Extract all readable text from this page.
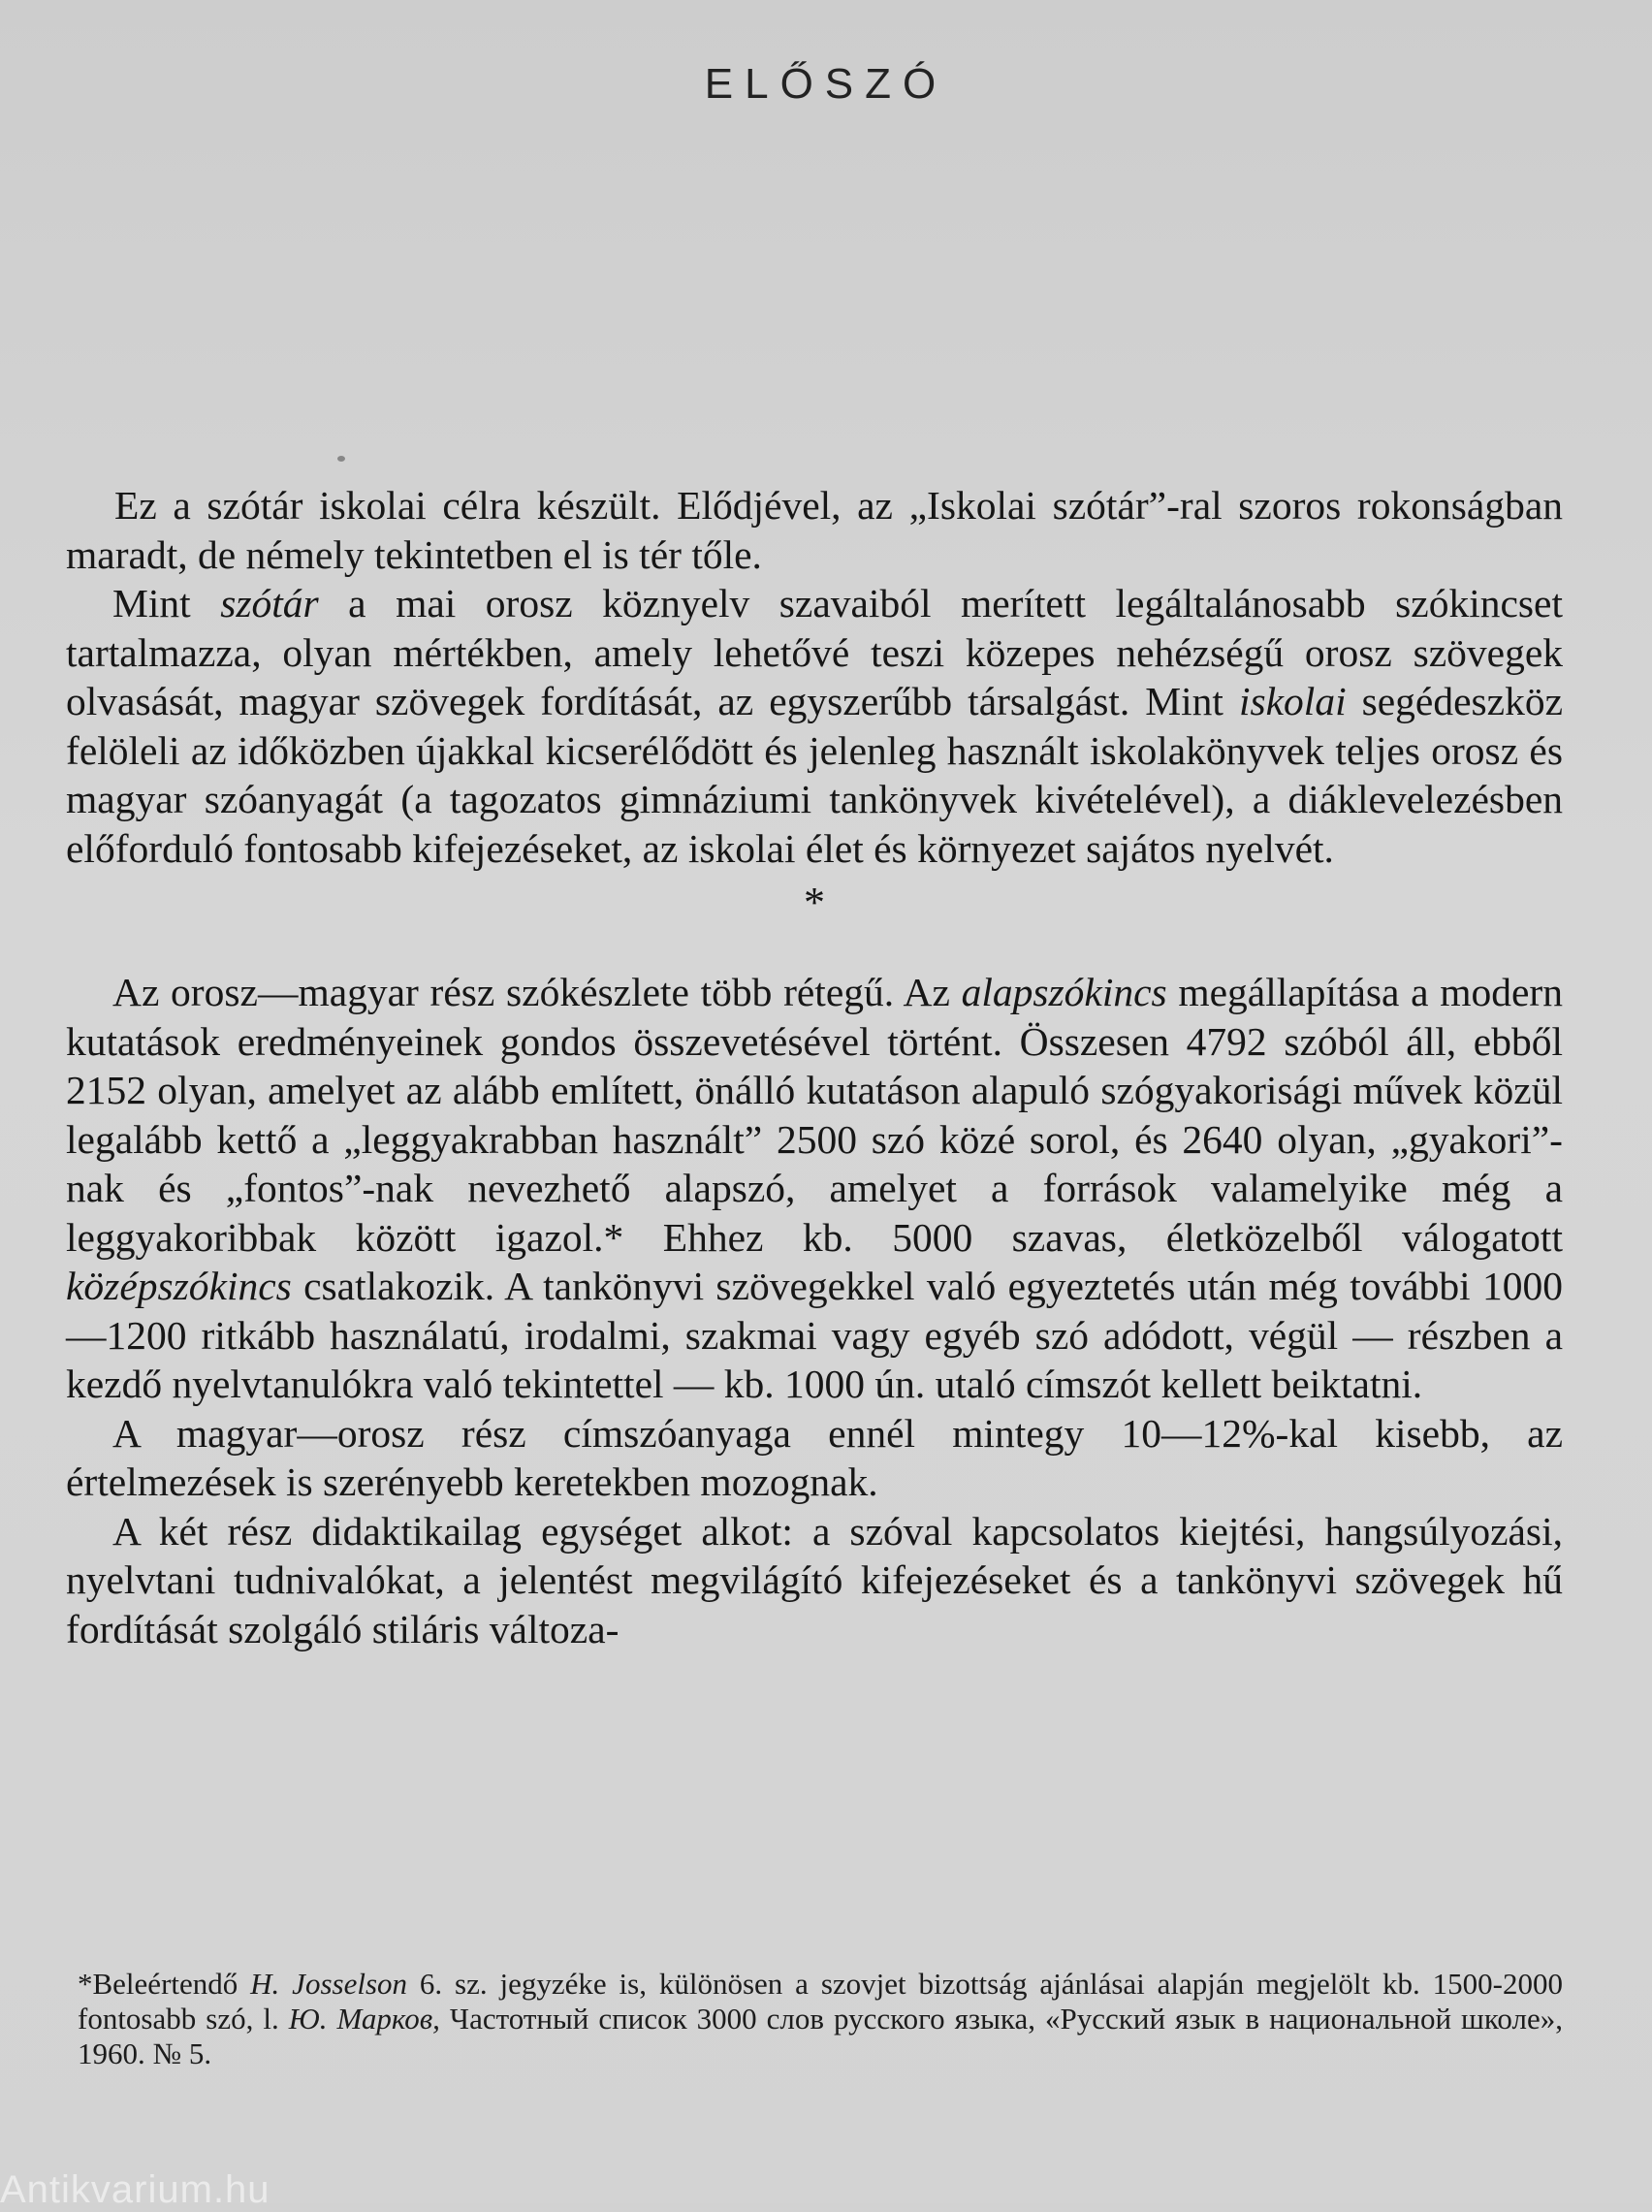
ELŐSZÓ

Ez a szótár iskolai célra készült. Elődjével, az „Iskolai szótár”-ral szoros rokonságban maradt, de némely tekintetben el is tér tőle.

Mint szótár a mai orosz köznyelv szavaiból merített legáltalánosabb szókincset tartalmazza, olyan mértékben, amely lehetővé teszi közepes nehézségű orosz szövegek olvasását, magyar szövegek fordítását, az egyszerűbb társalgást. Mint iskolai segédeszköz felöleli az időközben újakkal kicserélődött és jelenleg használt iskolakönyvek teljes orosz és magyar szóanyagát (a tagozatos gimnáziumi tankönyvek kivételével), a diáklevelezésben előforduló fontosabb kifejezéseket, az iskolai élet és környezet sajátos nyelvét.

*

Az orosz—magyar rész szókészlete több rétegű. Az alapszókincs megállapítása a modern kutatások eredményeinek gondos összevetésével történt. Összesen 4792 szóból áll, ebből 2152 olyan, amelyet az alább említett, önálló kutatáson alapuló szógyakorisági művek közül legalább kettő a „leggyakrabban használt” 2500 szó közé sorol, és 2640 olyan, „gyakori”-nak és „fontos”-nak nevezhető alapszó, amelyet a források valamelyike még a leggyakoribbak között igazol.* Ehhez kb. 5000 szavas, életközelből válogatott középszókincs csatlakozik. A tankönyvi szövegekkel való egyeztetés után még további 1000—1200 ritkább használatú, irodalmi, szakmai vagy egyéb szó adódott, végül — részben a kezdő nyelvtanulókra való tekintettel — kb. 1000 ún. utaló címszót kellett beiktatni.

A magyar—orosz rész címszóanyaga ennél mintegy 10—12%-kal kisebb, az értelmezések is szerényebb keretekben mozognak.

A két rész didaktikailag egységet alkot: a szóval kapcsolatos kiejtési, hangsúlyozási, nyelvtani tudnivalókat, a jelentést megvilágító kifejezéseket és a tankönyvi szövegek hű fordítását szolgáló stiláris változa-

*Beleértendő H. Josselson 6. sz. jegyzéke is, különösen a szovjet bizottság ajánlásai alapján megjelölt kb. 1500-2000 fontosabb szó, l. Ю. Марков, Частотный список 3000 слов русского языка, «Русский язык в национальной школе», 1960. № 5.

Antikvarium.hu
